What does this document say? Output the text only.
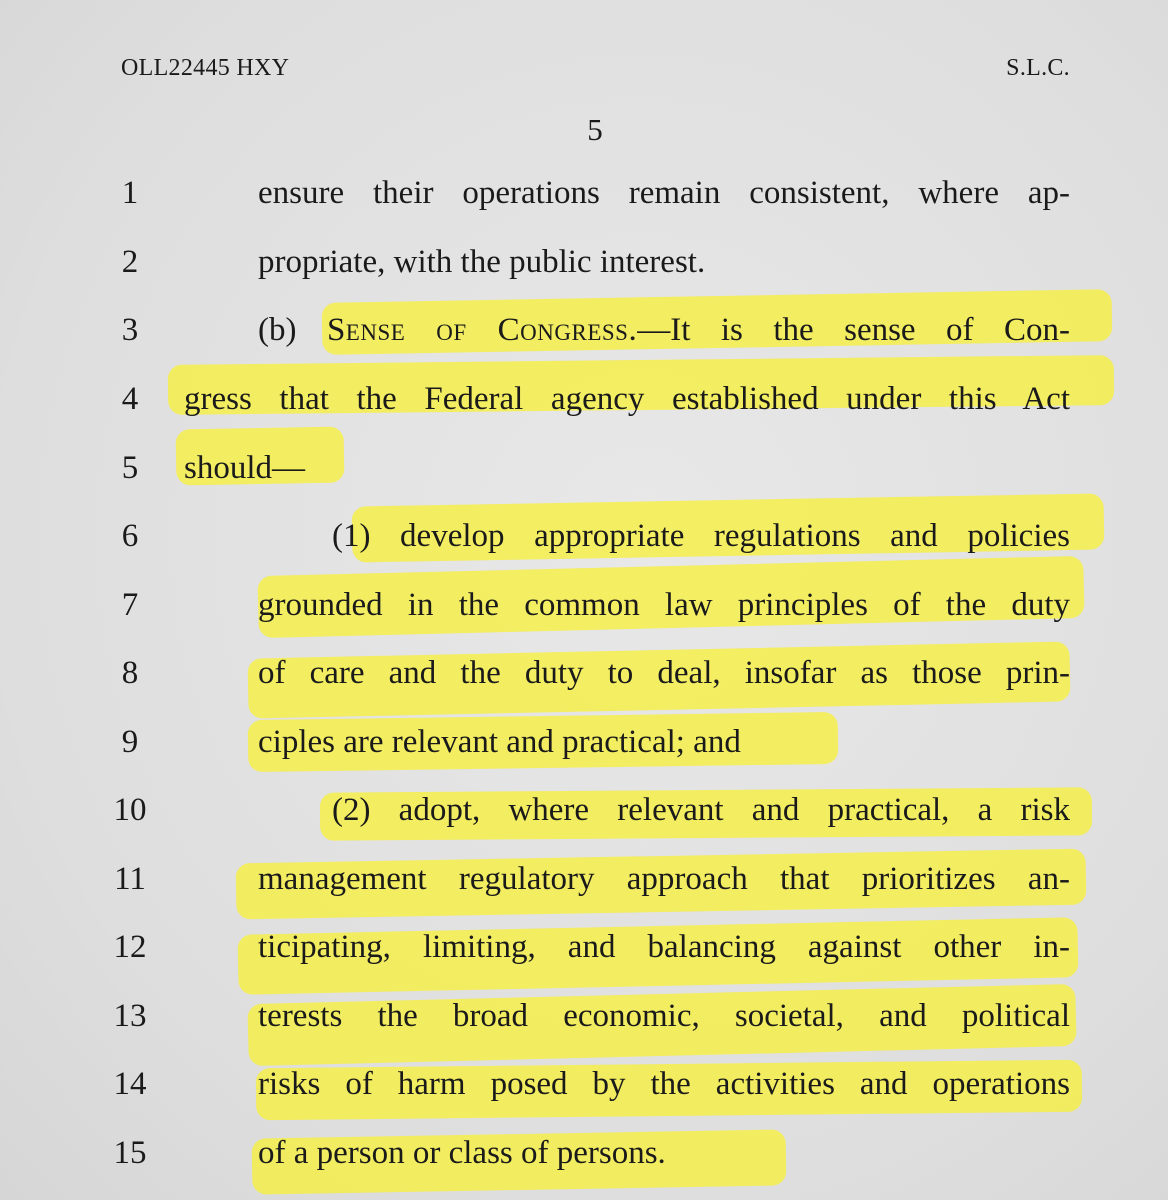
OLL22445 HXY	S.L.C.
5
1	ensure their operations remain consistent, where ap-
2	propriate, with the public interest.
3	(b) Sense of Congress.—It is the sense of Con-
4	gress that the Federal agency established under this Act
5	should—
6	(1) develop appropriate regulations and policies
7	grounded in the common law principles of the duty
8	of care and the duty to deal, insofar as those prin-
9	ciples are relevant and practical; and
10	(2) adopt, where relevant and practical, a risk
11	management regulatory approach that prioritizes an-
12	ticipating, limiting, and balancing against other in-
13	terests the broad economic, societal, and political
14	risks of harm posed by the activities and operations
15	of a person or class of persons.
